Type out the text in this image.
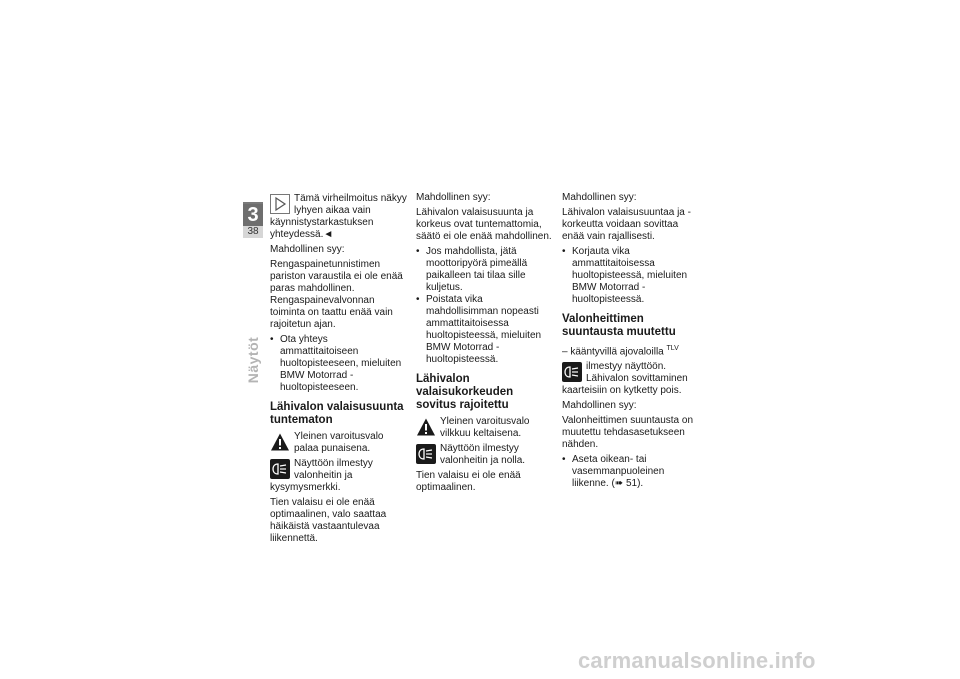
3
38
Näytöt
Tämä virheilmoitus näkyy lyhyen aikaa vain käynnistystarkastuksen yhteydessä.◄

Mahdollinen syy:

Rengaspainetunnistimen pariston varaustila ei ole enää paras mahdollinen. Rengaspainevalvonnan toiminta on taattu enää vain rajoitetun ajan.

• Ota yhteys ammattitaitoiseen huoltopisteeseen, mieluiten BMW Motorrad -huoltopisteeseen.
Lähivalon valaisusuunta tuntematon
Yleinen varoitusvalo palaa punaisena.
Näyttöön ilmestyy valonheitin ja kysymysmerkki.

Tien valaisu ei ole enää optimaalinen, valo saattaa häikäistä vastaantulevaa liikennettä.

Mahdollinen syy:

Lähivalon valaisusuunta ja korkeus ovat tuntemattomia, säätö ei ole enää mahdollinen.

• Jos mahdollista, jätä moottoripyörä pimeällä paikalleen tai tilaa sille kuljetus.
• Poistata vika mahdollisimman nopeasti ammattitaitoisessa huoltopisteessä, mieluiten BMW Motorrad -huoltopisteessä.
Lähivalon valaisukorkeuden sovitus rajoitettu
Yleinen varoitusvalo vilkkuu keltaisena.
Näyttöön ilmestyy valonheitin ja nolla.

Tien valaisu ei ole enää optimaalinen.

Mahdollinen syy:

Lähivalon valaisusuuntaa ja -korkeutta voidaan sovittaa enää vain rajallisesti.

• Korjauta vika ammattitaitoisessa huoltopisteessä, mieluiten BMW Motorrad -huoltopisteessä.
Valonheittimen suuntausta muutettu

– kääntyvillä ajovaloilla $^{TLV}$

ilmestyy näyttöön. Lähivalon sovittaminen kaarteisiin on kytketty pois.

Mahdollinen syy:

Valonheittimen suuntausta on muutettu tehdasasetukseen nähden.

• Aseta oikean- tai vasemmanpuoleinen liikenne. (➠ 51).
carmanualsonline.info
